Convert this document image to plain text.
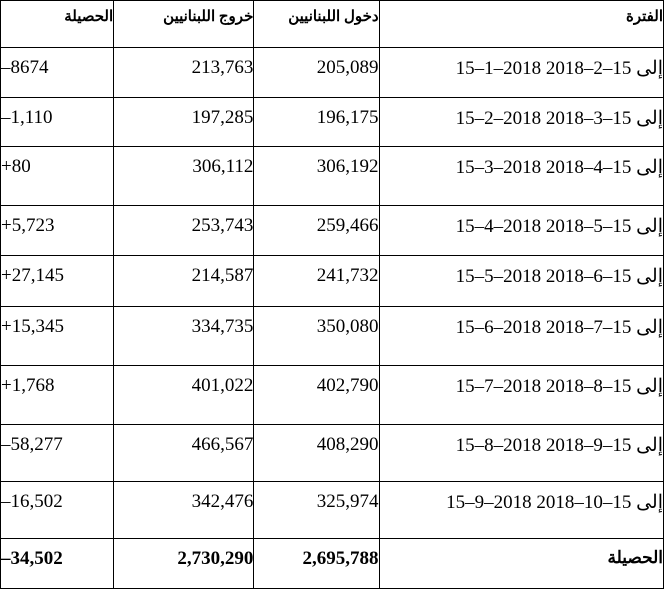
الحصيلة	خروج اللبنانيين	دخول اللبنانيين	الفترة

–8674	213,763	205,089	15–1–2018 إلى 15–2–2018

–1,110	197,285	196,175	15–2–2018 إلى 15–3–2018

+80	306,112	306,192	15–3–2018 إلى 15–4–2018

+5,723	253,743	259,466	15–4–2018 إلى 15–5–2018

+27,145	214,587	241,732	15–5–2018 إلى 15–6–2018

+15,345	334,735	350,080	15–6–2018 إلى 15–7–2018

+1,768	401,022	402,790	15–7–2018 إلى 15–8–2018

–58,277	466,567	408,290	15–8–2018 إلى 15–9–2018

–16,502	342,476	325,974	15–9–2018 إلى 15–10–2018

–34,502	2,730,290	2,695,788	الحصيلة
